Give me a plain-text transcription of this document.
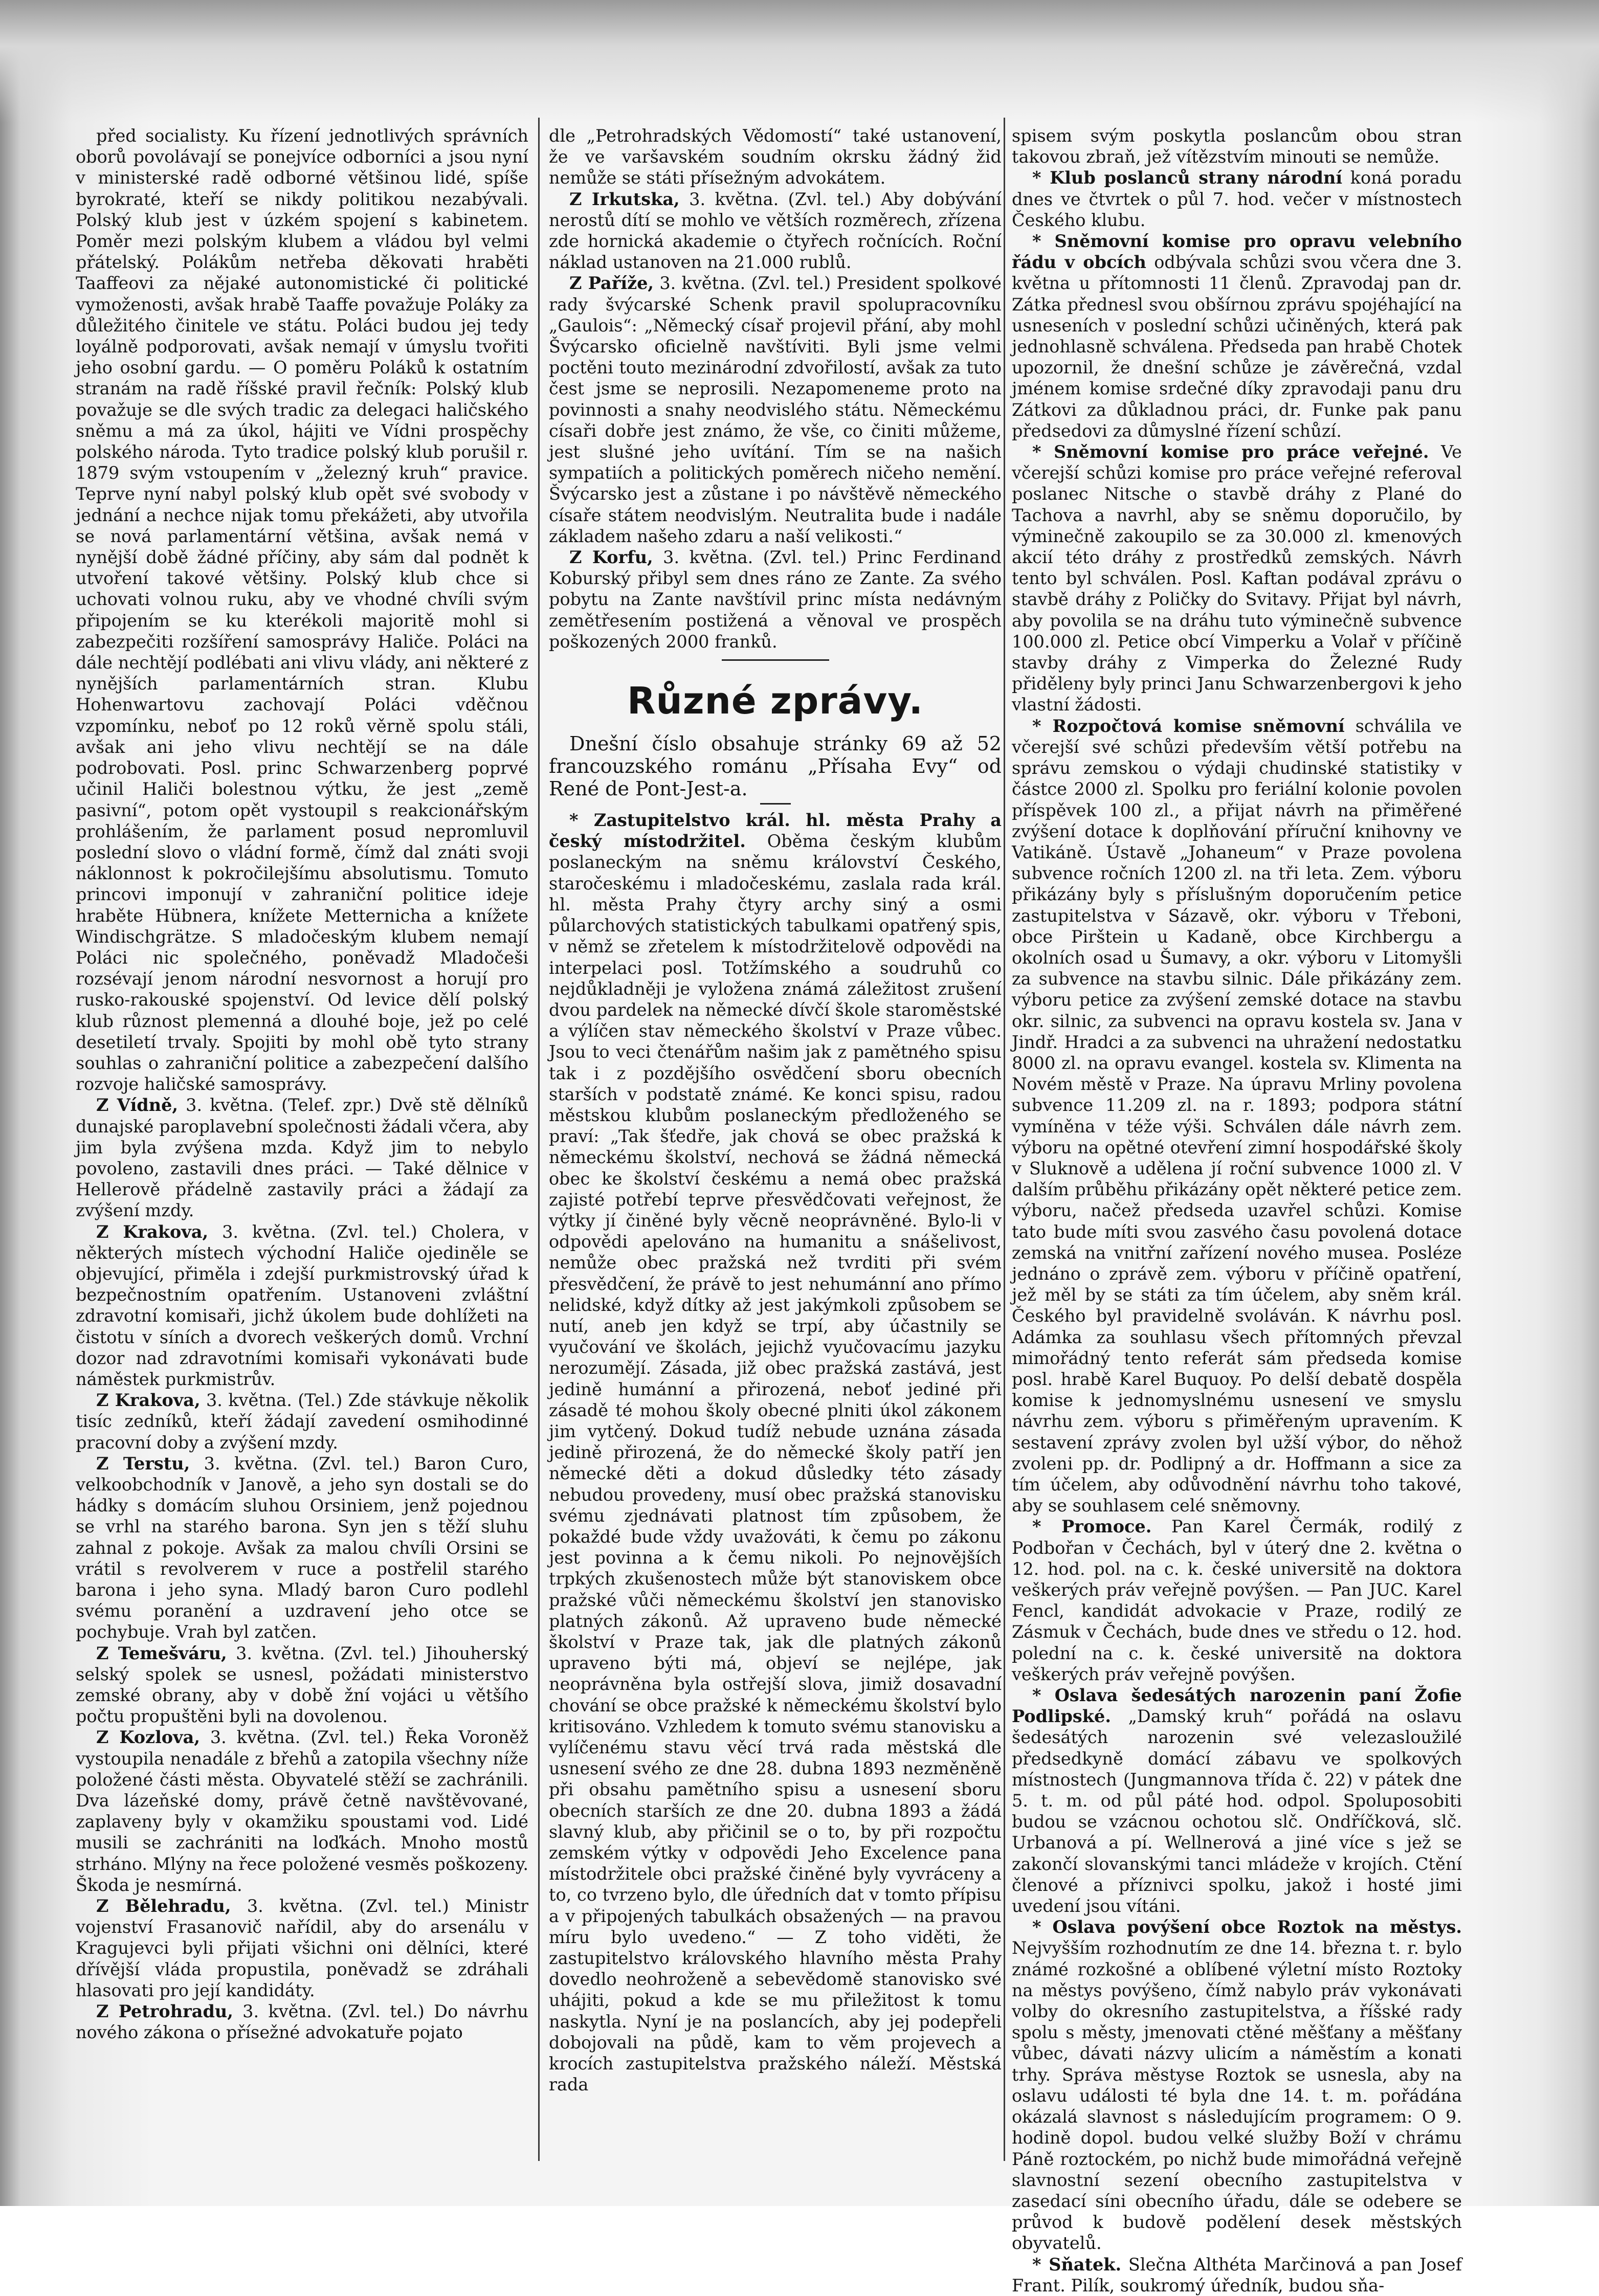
před socialisty. Ku řízení jednotlivých správních oborů povolávají se ponejvíce odborníci a jsou nyní v ministerské radě odborné většinou lidé, spíše byrokraté, kteří se nikdy politikou nezabývali. Polský klub jest v úzkém spojení s kabinetem. Poměr mezi polským klubem a vládou byl velmi přátelský. Polákům netřeba děkovati hraběti Taaffeovi za nějaké autonomistické či politické vymoženosti, avšak hrabě Taaffe považuje Poláky za důležitého činitele ve státu. Poláci budou jej tedy loyálně podporovati, avšak nemají v úmyslu tvořiti jeho osobní gardu. — O poměru Poláků k ostatním stranám na radě říšské pravil řečník: Polský klub považuje se dle svých tradic za delegaci haličského sněmu a má za úkol, hájiti ve Vídni prospěchy polského národa. Tyto tradice polský klub porušil r. 1879 svým vstoupením v „železný kruh“ pravice. Teprve nyní nabyl polský klub opět své svobody v jednání a nechce nijak tomu překážeti, aby utvořila se nová parlamentární většina, avšak nemá v nynější době žádné příčiny, aby sám dal podnět k utvoření takové většiny. Polský klub chce si uchovati volnou ruku, aby ve vhodné chvíli svým připojením se ku kterékoli majoritě mohl si zabezpečiti rozšíření samosprávy Haliče. Poláci na dále nechtějí podlébati ani vlivu vlády, ani některé z nynějších parlamentárních stran. Klubu Hohenwartovu zachovají Poláci vděčnou vzpomínku, neboť po 12 roků věrně spolu stáli, avšak ani jeho vlivu nechtějí se na dále podrobovati. Posl. princ Schwarzenberg poprvé učinil Haliči bolestnou výtku, že jest „země pasivní“, potom opět vystoupil s reakcionářským prohlášením, že parlament posud nepromluvil poslední slovo o vládní formě, čímž dal znáti svoji náklonnost k pokročilejšímu absolutismu. Tomuto princovi imponují v zahraniční politice ideje hraběte Hübnera, knížete Metternicha a knížete Windischgrätze. S mladočeským klubem nemají Poláci nic společného, poněvadž Mladočeši rozsévají jenom národní nesvornost a horují pro rusko-rakouské spojenství. Od levice dělí polský klub různost plemenná a dlouhé boje, jež po celé desetiletí trvaly. Spojiti by mohl obě tyto strany souhlas o zahraniční politice a zabezpečení dalšího rozvoje haličské samosprávy.

Z Vídně, 3. května. (Telef. zpr.) Dvě stě dělníků dunajské paroplavební společnosti žádali včera, aby jim byla zvýšena mzda. Když jim to nebylo povoleno, zastavili dnes práci. — Také dělnice v Hellerově přádelně zastavily práci a žádají za zvýšení mzdy.

Z Krakova, 3. května. (Zvl. tel.) Cholera, v některých místech východní Haliče ojediněle se objevující, přiměla i zdejší purkmistrovský úřad k bezpečnostním opatřením. Ustanoveni zvláštní zdravotní komisaři, jichž úkolem bude dohlížeti na čistotu v síních a dvorech veškerých domů. Vrchní dozor nad zdravotními komisaři vykonávati bude náměstek purkmistrův.

Z Krakova, 3. května. (Tel.) Zde stávkuje několik tisíc zedníků, kteří žádají zavedení osmihodinné pracovní doby a zvýšení mzdy.

Z Terstu, 3. května. (Zvl. tel.) Baron Curo, velkoobchodník v Janově, a jeho syn dostali se do hádky s domácím sluhou Orsiniem, jenž pojednou se vrhl na starého barona. Syn jen s těží sluhu zahnal z pokoje. Avšak za malou chvíli Orsini se vrátil s revolverem v ruce a postřelil starého barona i jeho syna. Mladý baron Curo podlehl svému poranění a uzdravení jeho otce se pochybuje. Vrah byl zatčen.

Z Temešváru, 3. května. (Zvl. tel.) Jihouherský selský spolek se usnesl, požádati ministerstvo zemské obrany, aby v době žní vojáci u většího počtu propuštěni byli na dovolenou.

Z Kozlova, 3. května. (Zvl. tel.) Řeka Voroněž vystoupila nenadále z břehů a zatopila všechny níže položené části města. Obyvatelé stěží se zachránili. Dva lázeňské domy, právě četně navštěvované, zaplaveny byly v okamžiku spoustami vod. Lidé musili se zachrániti na loďkách. Mnoho mostů strháno. Mlýny na řece položené vesměs poškozeny. Škoda je nesmírná.

Z Bělehradu, 3. května. (Zvl. tel.) Ministr vojenství Frasanovič nařídil, aby do arsenálu v Kragujevci byli přijati všichni oni dělníci, které dřívější vláda propustila, poněvadž se zdráhali hlasovati pro její kandidáty.

Z Petrohradu, 3. května. (Zvl. tel.) Do návrhu nového zákona o přísežné advokatuře pojato

dle „Petrohradských Vědomostí“ také ustanovení, že ve varšavském soudním okrsku žádný žid nemůže se státi přísežným advokátem.

Z Irkutska, 3. května. (Zvl. tel.) Aby dobývání nerostů dítí se mohlo ve větších rozměrech, zřízena zde hornická akademie o čtyřech ročnících. Roční náklad ustanoven na 21.000 rublů.

Z Paříže, 3. května. (Zvl. tel.) President spolkové rady švýcarské Schenk pravil spolupracovníku „Gaulois“: „Německý císař projevil přání, aby mohl Švýcarsko oficielně navštíviti. Byli jsme velmi poctěni touto mezinárodní zdvořilostí, avšak za tuto čest jsme se neprosili. Nezapomeneme proto na povinnosti a snahy neodvislého státu. Německému císaři dobře jest známo, že vše, co činiti můžeme, jest slušné jeho uvítání. Tím se na našich sympatiích a politických poměrech ničeho nemění. Švýcarsko jest a zůstane i po návštěvě německého císaře státem neodvislým. Neutralita bude i nadále základem našeho zdaru a naší velikosti.“

Z Korfu, 3. května. (Zvl. tel.) Princ Ferdinand Koburský přibyl sem dnes ráno ze Zante. Za svého pobytu na Zante navštívil princ místa nedávným zemětřesením postižená a věnoval ve prospěch poškozených 2000 franků.

Různé zprávy.

Dnešní číslo obsahuje stránky 69 až 52 francouzského románu „Přísaha Evy“ od René de Pont-Jest-a.

* Zastupitelstvo král. hl. města Prahy a český místodržitel. Oběma českým klubům poslaneckým na sněmu království Českého, staročeskému i mladočeskému, zaslala rada král. hl. města Prahy čtyry archy siný a osmi půlarchových statistických tabulkami opatřený spis, v němž se zřetelem k místodržitelově odpovědi na interpelaci posl. Totžímského a soudruhů co nejdůkladněji je vyložena známá záležitost zrušení dvou pardelek na německé dívčí škole staroměstské a výlíčen stav německého školství v Praze vůbec. Jsou to veci čtenářům našim jak z pamětného spisu tak i z pozdějšího osvědčení sboru obecních starších v podstatě známé. Ke konci spisu, radou městskou klubům poslaneckým předloženého se praví: „Tak šťedře, jak chová se obec pražská k německému školství, nechová se žádná německá obec ke školství českému a nemá obec pražská zajisté potřebí teprve přesvědčovati veřejnost, že výtky jí činěné byly věcně neoprávněné. Bylo-li v odpovědi apelováno na humanitu a snášelivost, nemůže obec pražská než tvrditi při svém přesvědčení, že právě to jest nehumánní ano přímo nelidské, když dítky až jest jakýmkoli způsobem se nutí, aneb jen když se trpí, aby účastnily se vyučování ve školách, jejichž vyučovacímu jazyku nerozumějí. Zásada, již obec pražská zastává, jest jedině humánní a přirozená, neboť jediné při zásadě té mohou školy obecné plniti úkol zákonem jim vytčený. Dokud tudíž nebude uznána zásada jedině přirozená, že do německé školy patří jen německé děti a dokud důsledky této zásady nebudou provedeny, musí obec pražská stanovisku svému zjednávati platnost tím způsobem, že pokaždé bude vždy uvažováti, k čemu po zákonu jest povinna a k čemu nikoli. Po nejnovějších trpkých zkušenostech může být stanoviskem obce pražské vůči německému školství jen stanovisko platných zákonů. Až upraveno bude německé školství v Praze tak, jak dle platných zákonů upraveno býti má, objeví se nejlépe, jak neoprávněna byla ostřejší slova, jimiž dosavadní chování se obce pražské k německému školství bylo kritisováno. Vzhledem k tomuto svému stanovisku a vylíčenému stavu věcí trvá rada městská dle usnesení svého ze dne 28. dubna 1893 nezměněně při obsahu pamětního spisu a usnesení sboru obecních starších ze dne 20. dubna 1893 a žádá slavný klub, aby přičinil se o to, by při rozpočtu zemském výtky v odpovědi Jeho Excelence pana místodržitele obci pražské činěné byly vyvráceny a to, co tvrzeno bylo, dle úředních dat v tomto přípisu a v připojených tabulkách obsažených — na pravou míru bylo uvedeno.“ — Z toho viděti, že zastupitelstvo královského hlavního města Prahy dovedlo neohroženě a sebevědomě stanovisko své uhájiti, pokud a kde se mu přiležitost k tomu naskytla. Nyní je na poslancích, aby jej podepřeli dobojovali na půdě, kam to věm projevech a krocích zastupitelstva pražského náleží. Městská rada

spisem svým poskytla poslancům obou stran takovou zbraň, jež vítězstvím minouti se nemůže.

* Klub poslanců strany národní koná poradu dnes ve čtvrtek o půl 7. hod. večer v místnostech Českého klubu.

* Sněmovní komise pro opravu velebního řádu v obcích odbývala schůzi svou včera dne 3. května u přítomnosti 11 členů. Zpravodaj pan dr. Zátka přednesl svou obšírnou zprávu spojéhající na usneseních v poslední schůzi učiněných, která pak jednohlasně schválena. Předseda pan hrabě Chotek upozornil, že dnešní schůze je závěrečná, vzdal jménem komise srdečné díky zpravodaji panu dru Zátkovi za důkladnou práci, dr. Funke pak panu předsedovi za důmyslné řízení schůzí.

* Sněmovní komise pro práce veřejné. Ve včerejší schůzi komise pro práce veřejné referoval poslanec Nitsche o stavbě dráhy z Plané do Tachova a navrhl, aby se sněmu doporučilo, by výminečně zakoupilo se za 30.000 zl. kmenových akcií této dráhy z prostředků zemských. Návrh tento byl schválen. Posl. Kaftan podával zprávu o stavbě dráhy z Poličky do Svitavy. Přijat byl návrh, aby povolila se na dráhu tuto výminečně subvence 100.000 zl. Petice obcí Vimperku a Volař v příčině stavby dráhy z Vimperka do Železné Rudy přiděleny byly princi Janu Schwarzenbergovi k jeho vlastní žádosti.

* Rozpočtová komise sněmovní schválila ve včerejší své schůzi především větší potřebu na správu zemskou o výdaji chudinské statistiky v částce 2000 zl. Spolku pro feriální kolonie povolen příspěvek 100 zl., a přijat návrh na přiměřené zvýšení dotace k doplňování příruční knihovny ve Vatikáně. Ústavě „Johaneum“ v Praze povolena subvence ročních 1200 zl. na tři leta. Zem. výboru přikázány byly s příslušným doporučením petice zastupitelstva v Sázavě, okr. výboru v Třeboni, obce Pirštein u Kadaně, obce Kirchbergu a okolních osad u Šumavy, a okr. výboru v Litomyšli za subvence na stavbu silnic. Dále přikázány zem. výboru petice za zvýšení zemské dotace na stavbu okr. silnic, za subvenci na opravu kostela sv. Jana v Jindř. Hradci a za subvenci na uhražení nedostatku 8000 zl. na opravu evangel. kostela sv. Klimenta na Novém městě v Praze. Na úpravu Mrliny povolena subvence 11.209 zl. na r. 1893; podpora státní vymíněna v téže výši. Schválen dále návrh zem. výboru na opětné otevření zimní hospodářské školy v Sluknově a udělena jí roční subvence 1000 zl. V dalším průběhu přikázány opět některé petice zem. výboru, načež předseda uzavřel schůzi. Komise tato bude míti svou zasvého času povolená dotace zemská na vnitřní zařízení nového musea. Posléze jednáno o zprávě zem. výboru v příčině opatření, jež měl by se státi za tím účelem, aby sněm král. Českého byl pravidelně svoláván. K návrhu posl. Adámka za souhlasu všech přítomných převzal mimořádný tento referát sám předseda komise posl. hrabě Karel Buquoy. Po delší debatě dospěla komise k jednomyslnému usnesení ve smyslu návrhu zem. výboru s přiměřeným upravením. K sestavení zprávy zvolen byl užší výbor, do něhož zvoleni pp. dr. Podlipný a dr. Hoffmann a sice za tím účelem, aby odůvodnění návrhu toho takové, aby se souhlasem celé sněmovny.

* Promoce. Pan Karel Čermák, rodilý z Podbořan v Čechách, byl v úterý dne 2. května o 12. hod. pol. na c. k. české universitě na doktora veškerých práv veřejně povýšen. — Pan JUC. Karel Fencl, kandidát advokacie v Praze, rodilý ze Zásmuk v Čechách, bude dnes ve středu o 12. hod. polední na c. k. české universitě na doktora veškerých práv veřejně povýšen.

* Oslava šedesátých narozenin paní Žofie Podlipské. „Damský kruh“ pořádá na oslavu šedesátých narozenin své velezasloužilé předsedkyně domácí zábavu ve spolkových místnostech (Jungmannova třída č. 22) v pátek dne 5. t. m. od půl páté hod. odpol. Spoluposobiti budou se vzácnou ochotou slč. Ondříčková, slč. Urbanová a pí. Wellnerová a jiné více s jež se zakončí slovanskými tanci mládeže v krojích. Ctění členové a příznivci spolku, jakož i hosté jimi uvedení jsou vítáni.

* Oslava povýšení obce Roztok na městys. Nejvyšším rozhodnutím ze dne 14. března t. r. bylo známé rozkošné a oblíbené výletní místo Roztoky na městys povýšeno, čímž nabylo práv vykonávati volby do okresního zastupitelstva, a říšské rady spolu s městy, jmenovati ctěné měšťany a měšťany vůbec, dávati názvy ulicím a náměstím a konati trhy. Správa městyse Roztok se usnesla, aby na oslavu události té byla dne 14. t. m. pořádána okázalá slavnost s následujícím programem: O 9. hodině dopol. budou velké služby Boží v chrámu Páně roztockém, po nichž bude mimořádná veřejně slavnostní sezení obecního zastupitelstva v zasedací síni obecního úřadu, dále se odebere se průvod k budově podělení desek městských obyvatelů.

* Sňatek. Slečna Althéta Marčinová a pan Josef Frant. Pilík, soukromý úředník, budou sňa-
